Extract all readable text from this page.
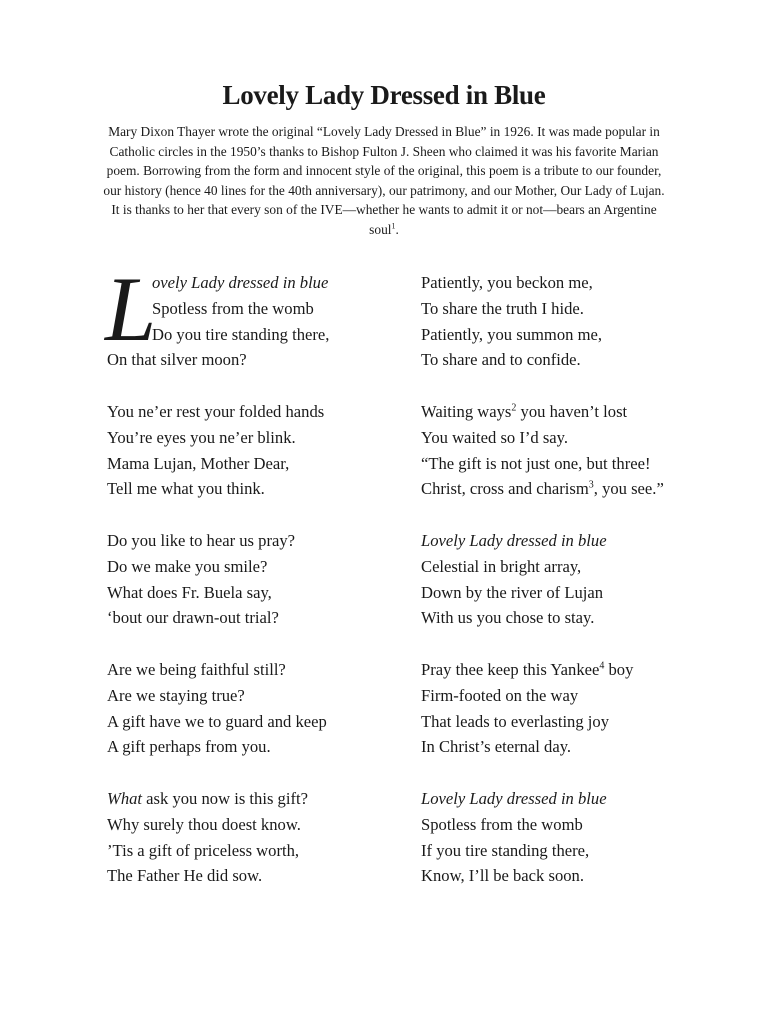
Lovely Lady Dressed in Blue

Mary Dixon Thayer wrote the original “Lovely Lady Dressed in Blue” in 1926. It was made popular in Catholic circles in the 1950’s thanks to Bishop Fulton J. Sheen who claimed it was his favorite Marian poem. Borrowing from the form and innocent style of the original, this poem is a tribute to our founder, our history (hence 40 lines for the 40th anniversary), our patrimony, and our Mother, Our Lady of Lujan. It is thanks to her that every son of the IVE—whether he wants to admit it or not—bears an Argentine soul$^1$.

L
ovely Lady dressed in blue
Spotless from the womb
Do you tire standing there,
On that silver moon?
You ne’er rest your folded hands
You’re eyes you ne’er blink.
Mama Lujan, Mother Dear,
Tell me what you think.
Do you like to hear us pray?
Do we make you smile?
What does Fr. Buela say,
‘bout our drawn-out trial?
Are we being faithful still?
Are we staying true?
A gift have we to guard and keep
A gift perhaps from you.
What ask you now is this gift?
Why surely thou doest know.
’Tis a gift of priceless worth,
The Father He did sow.
Patiently, you beckon me,
To share the truth I hide.
Patiently, you summon me,
To share and to confide.
Waiting ways$^2$ you haven’t lost
You waited so I’d say.
“The gift is not just one, but three!
Christ, cross and charism$^3$, you see.”
Lovely Lady dressed in blue
Celestial in bright array,
Down by the river of Lujan
With us you chose to stay.
Pray thee keep this Yankee$^4$ boy
Firm-footed on the way
That leads to everlasting joy
In Christ’s eternal day.
Lovely Lady dressed in blue
Spotless from the womb
If you tire standing there,
Know, I’ll be back soon.
